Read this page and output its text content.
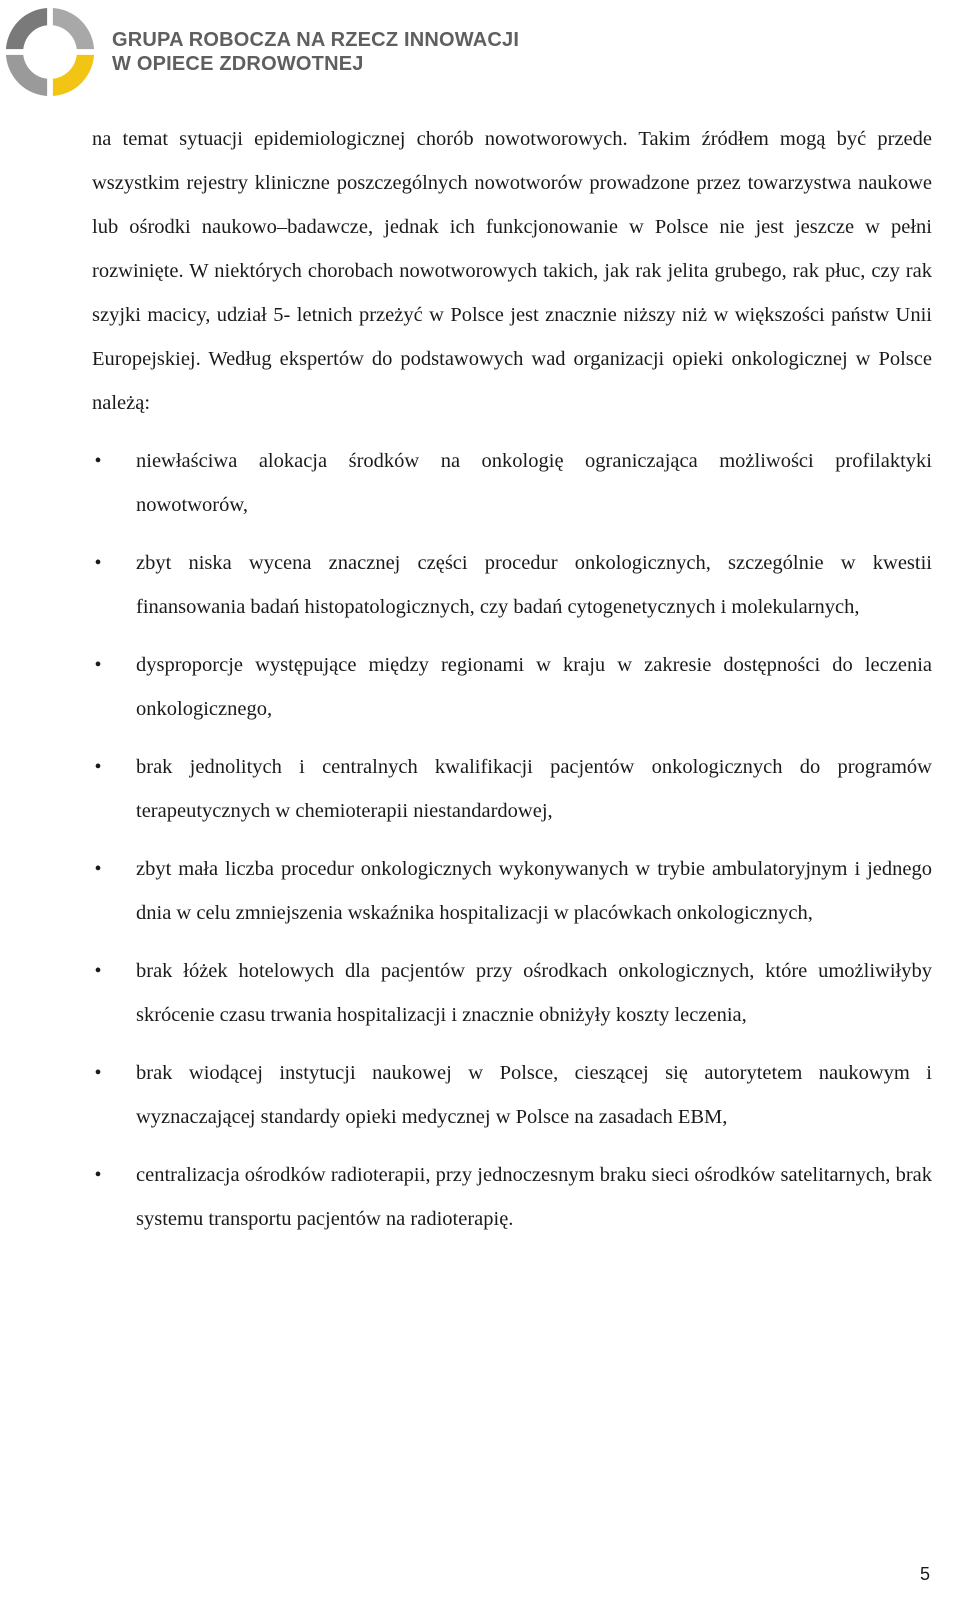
GRUPA ROBOCZA NA RZECZ INNOWACJI
W OPIECE ZDROWOTNEJ

na temat sytuacji epidemiologicznej chorób nowotworowych. Takim źródłem mogą być przede wszystkim rejestry kliniczne poszczególnych nowotworów prowadzone przez towarzystwa naukowe lub ośrodki naukowo–badawcze, jednak ich funkcjonowanie w Polsce nie jest jeszcze w pełni rozwinięte. W niektórych chorobach nowotworowych takich, jak rak jelita grubego, rak płuc, czy rak szyjki macicy, udział 5- letnich przeżyć w Polsce jest znacznie niższy niż w większości państw Unii Europejskiej. Według ekspertów do podstawowych wad organizacji opieki onkologicznej w Polsce należą:

• niewłaściwa alokacja środków na onkologię ograniczająca możliwości profilaktyki nowotworów,
• zbyt niska wycena znacznej części procedur onkologicznych, szczególnie w kwestii finansowania badań histopatologicznych, czy badań cytogenetycznych i molekularnych,
• dysproporcje występujące między regionami w kraju w zakresie dostępności do leczenia onkologicznego,
• brak jednolitych i centralnych kwalifikacji pacjentów onkologicznych do programów terapeutycznych w chemioterapii niestandardowej,
• zbyt mała liczba procedur onkologicznych wykonywanych w trybie ambulatoryjnym i jednego dnia w celu zmniejszenia wskaźnika hospitalizacji w placówkach onkologicznych,
• brak łóżek hotelowych dla pacjentów przy ośrodkach onkologicznych, które umożliwiłyby skrócenie czasu trwania hospitalizacji i znacznie obniżyły koszty leczenia,
• brak wiodącej instytucji naukowej w Polsce, cieszącej się autorytetem naukowym i wyznaczającej standardy opieki medycznej w Polsce na zasadach EBM,
• centralizacja ośrodków radioterapii, przy jednoczesnym braku sieci ośrodków satelitarnych, brak systemu transportu pacjentów na radioterapię.
5
